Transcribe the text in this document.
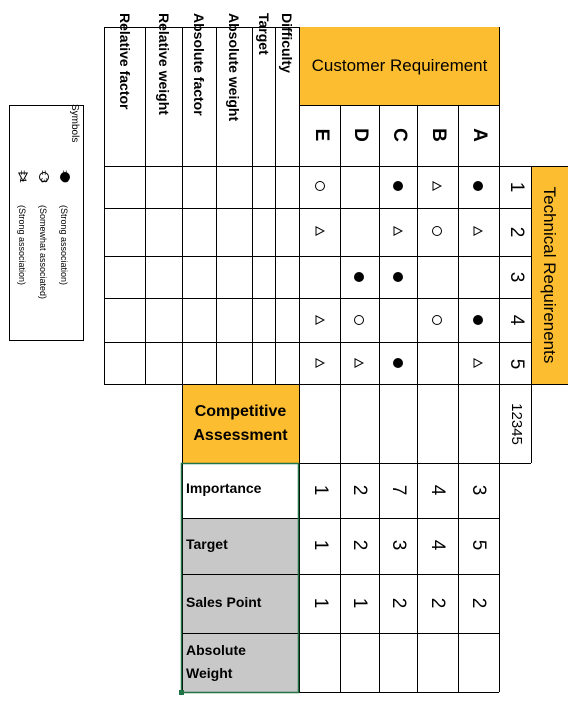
Customer Requirement
Technical Requirenents
Competitive
Assessment
Relative factor Relative weight Absolute factor Absolute weight Target Difficulty
E D C B A
1
2
3
4
5
12345
Importance
Target
Sales Point
Absolute
Weight
3
4
7
2
1
5
4
3
2
1
2
2
2
1
1
Symbols
= 9
(Strong association)
= 3
(Somewhat associated)
= 1
(Strong association)
